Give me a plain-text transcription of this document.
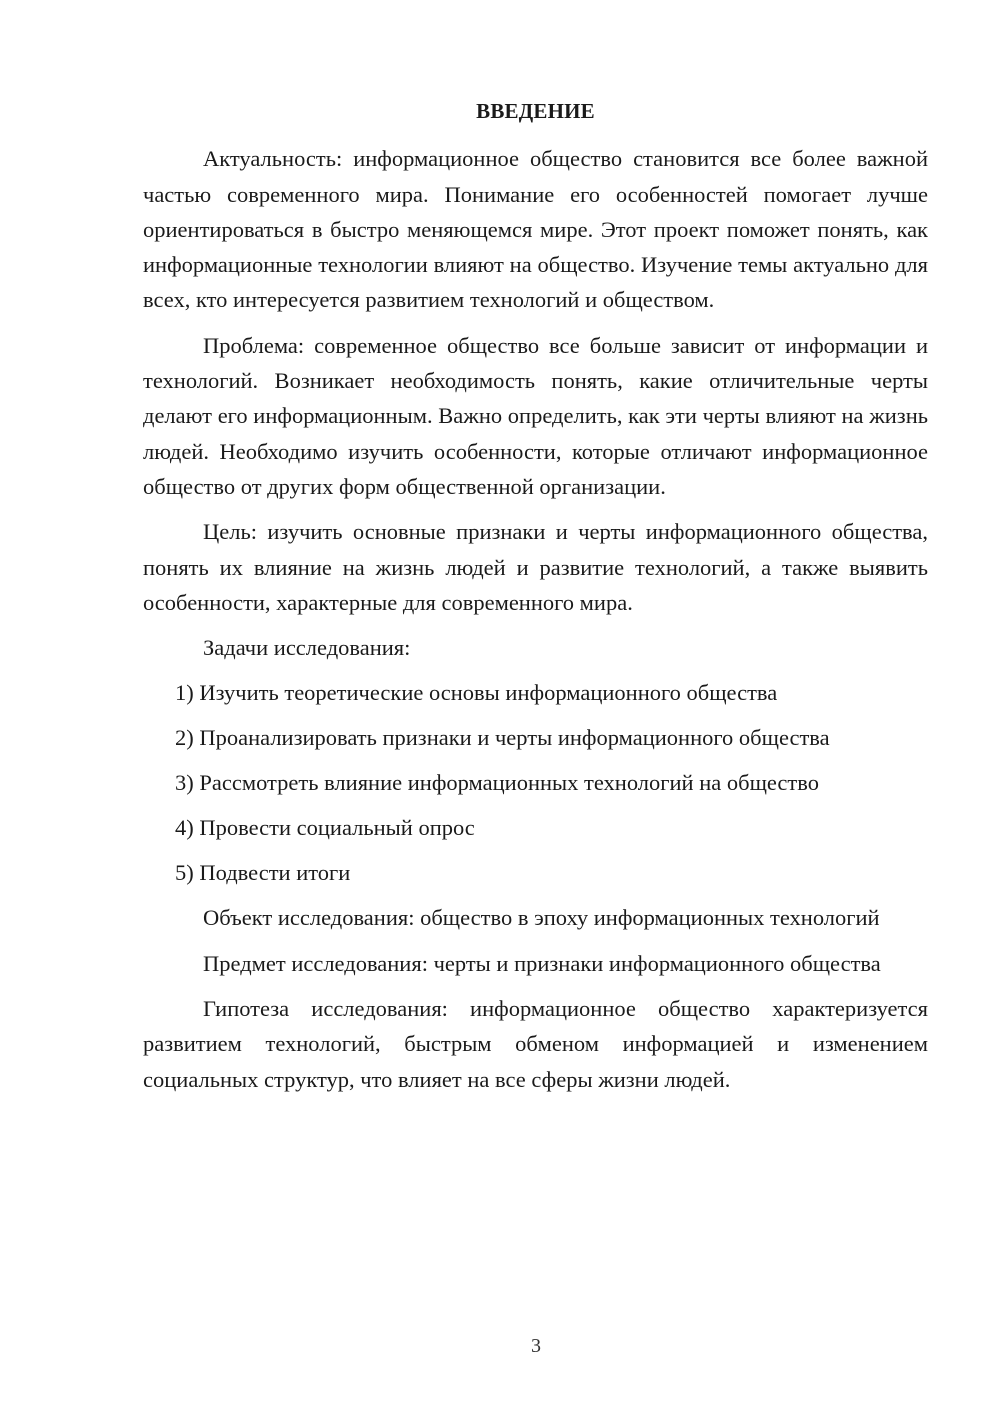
ВВЕДЕНИЕ

Актуальность: информационное общество становится все более важной частью современного мира. Понимание его особенностей помогает лучше ориентироваться в быстро меняющемся мире. Этот проект поможет понять, как информационные технологии влияют на общество. Изучение темы актуально для всех, кто интересуется развитием технологий и обществом.

Проблема: современное общество все больше зависит от информации и технологий. Возникает необходимость понять, какие отличительные черты делают его информационным. Важно определить, как эти черты влияют на жизнь людей. Необходимо изучить особенности, которые отличают информационное общество от других форм общественной организации.

Цель: изучить основные признаки и черты информационного общества, понять их влияние на жизнь людей и развитие технологий, а также выявить особенности, характерные для современного мира.

Задачи исследования:

1) Изучить теоретические основы информационного общества
2) Проанализировать признаки и черты информационного общества
3) Рассмотреть влияние информационных технологий на общество
4) Провести социальный опрос
5) Подвести итоги

Объект исследования: общество в эпоху информационных технологий

Предмет исследования: черты и признаки информационного общества

Гипотеза исследования: информационное общество характеризуется развитием технологий, быстрым обменом информацией и изменением социальных структур, что влияет на все сферы жизни людей.

3
